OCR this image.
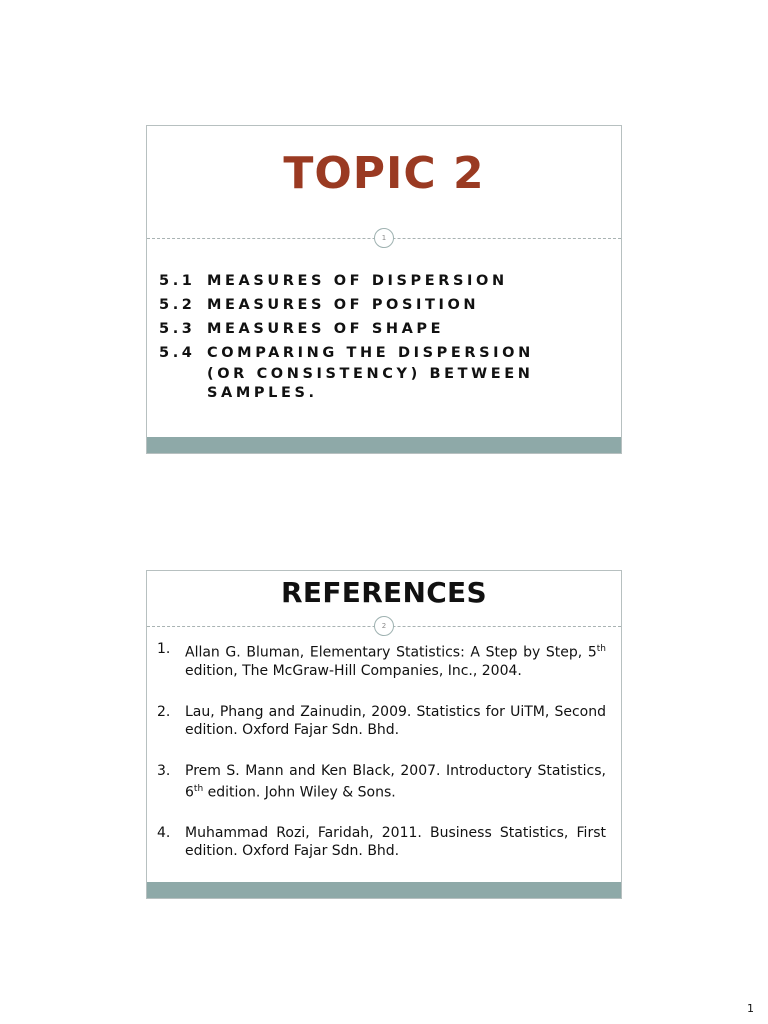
TOPIC 2
1
5.1 MEASURES OF DISPERSION
5.2 MEASURES OF POSITION
5.3 MEASURES OF SHAPE
5.4 COMPARING THE DISPERSION
(OR CONSISTENCY) BETWEEN
SAMPLES.
REFERENCES
2
1.	Allan G. Bluman, Elementary Statistics: A Step by Step, 5th edition, The McGraw-Hill Companies, Inc., 2004.
2.	Lau, Phang and Zainudin, 2009. Statistics for UiTM, Second edition. Oxford Fajar Sdn. Bhd.
3.	Prem S. Mann and Ken Black, 2007. Introductory Statistics, 6th edition. John Wiley & Sons.
4.	Muhammad Rozi, Faridah, 2011. Business Statistics, First edition. Oxford Fajar Sdn. Bhd.
1
